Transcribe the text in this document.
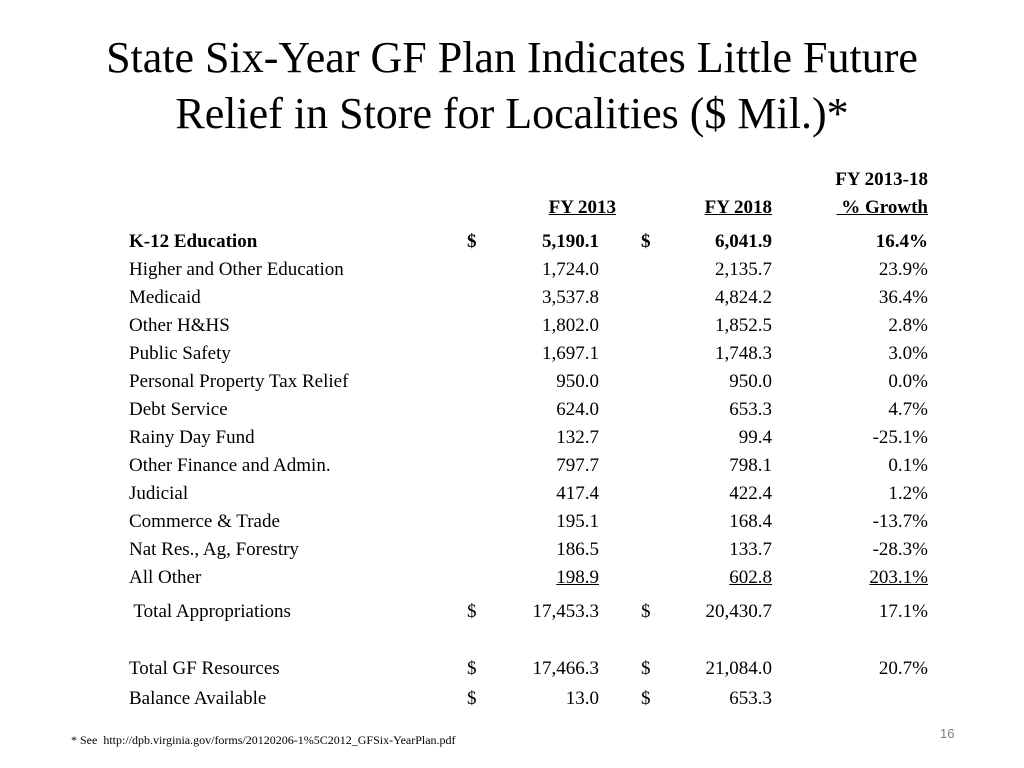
State Six-Year GF Plan Indicates Little Future
Relief in Store for Localities ($ Mil.)*
FY 2013	FY 2018
FY 2013-18
% Growth
K-12 Education	$	5,190.1 $	6,041.9	16.4%
Higher and Other Education	1,724.0	2,135.7	23.9%
Medicaid	3,537.8	4,824.2	36.4%
Other H&HS	1,802.0	1,852.5	2.8%
Public Safety	1,697.1	1,748.3	3.0%
Personal Property Tax Relief	950.0	950.0	0.0%
Debt Service	624.0	653.3	4.7%
Rainy Day Fund	132.7	99.4	-25.1%
Other Finance and Admin.	797.7	798.1	0.1%
Judicial	417.4	422.4	1.2%
Commerce & Trade	195.1	168.4	-13.7%
Nat Res., Ag, Forestry	186.5	133.7	-28.3%
All Other	198.9	602.8	203.1%
Total Appropriations	$	17,453.3 $	20,430.7	17.1%
Total GF Resources	$	17,466.3 $	21,084.0	20.7%
Balance Available	$	13.0 $	653.3
* See  http://dpb.virginia.gov/forms/20120206-1%5C2012_GFSix-YearPlan.pdf	16
